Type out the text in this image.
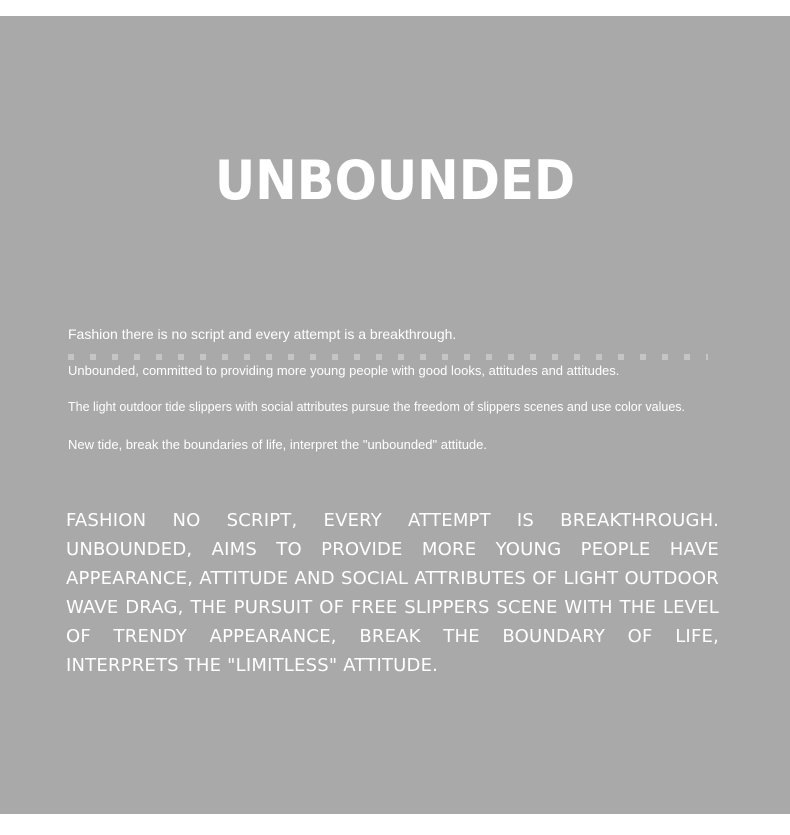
UNBOUNDED
Fashion there is no script and every attempt is a breakthrough.
Unbounded, committed to providing more young people with good looks, attitudes and attitudes.
The light outdoor tide slippers with social attributes pursue the freedom of slippers scenes and use color values.
New tide, break the boundaries of life, interpret the "unbounded" attitude.
FASHION NO SCRIPT, EVERY ATTEMPT IS BREAKTHROUGH. UNBOUNDED, AIMS TO PROVIDE MORE YOUNG PEOPLE HAVE APPEARANCE, ATTITUDE AND SOCIAL ATTRIBUTES OF LIGHT OUTDOOR WAVE DRAG, THE PURSUIT OF FREE SLIPPERS SCENE WITH THE LEVEL OF TRENDY APPEARANCE, BREAK THE BOUNDARY OF LIFE, INTERPRETS THE "LIMITLESS" ATTITUDE.
